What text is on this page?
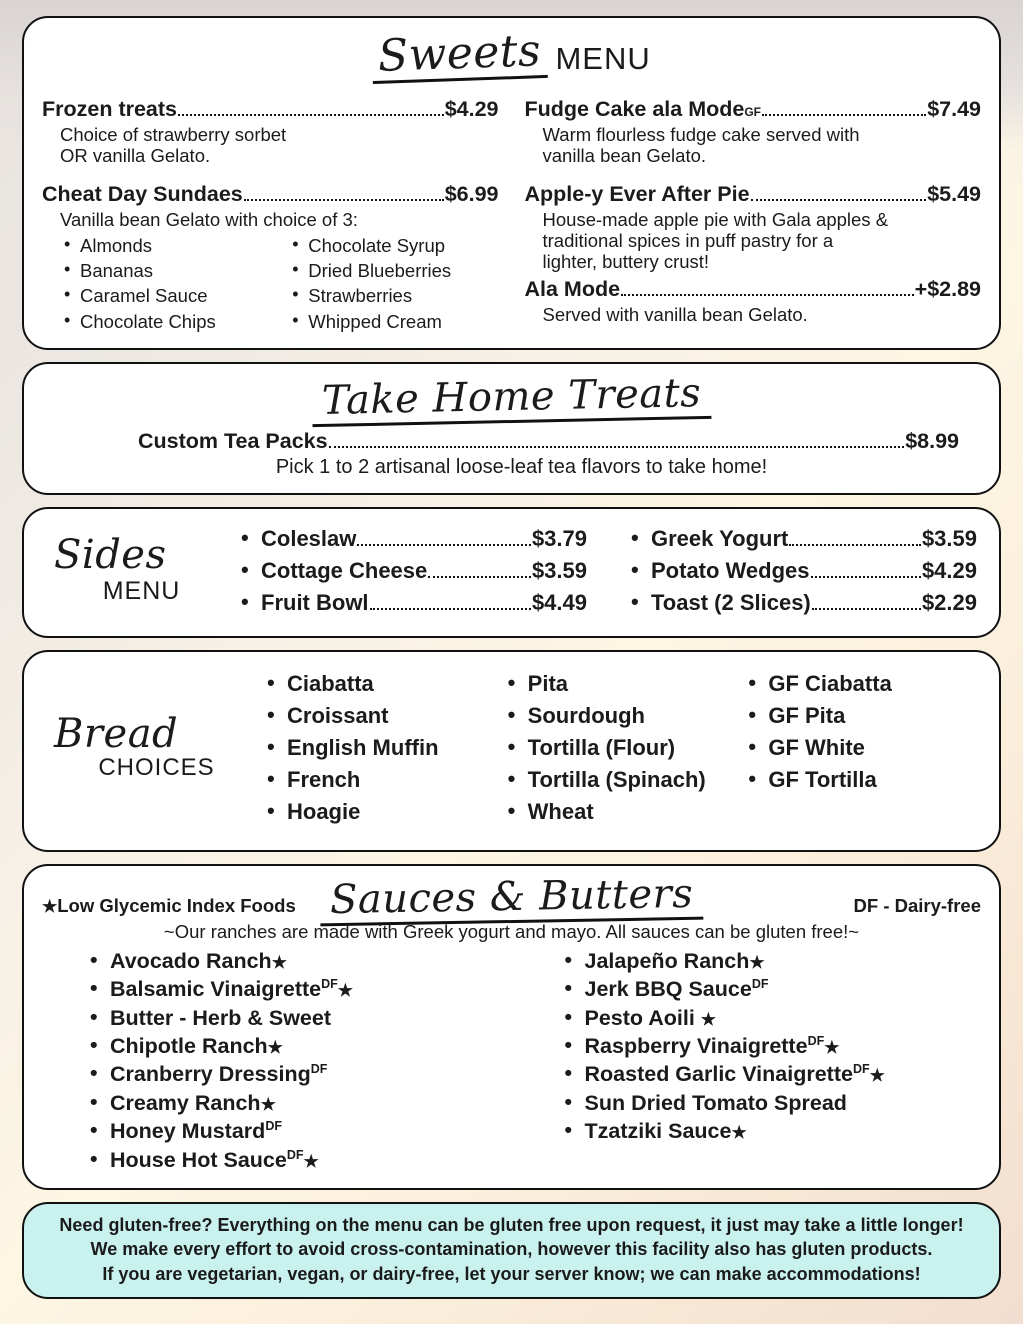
Sweets MENU
Frozen treats	$4.29
Choice of strawberry sorbet
OR vanilla Gelato.
Cheat Day Sundaes	$6.99
Vanilla bean Gelato with choice of 3:
• Almonds
• Bananas
• Caramel Sauce
• Chocolate Chips
• Chocolate Syrup
• Dried Blueberries
• Strawberries
• Whipped Cream
Fudge Cake ala Mode GF	$7.49
Warm flourless fudge cake served with
vanilla bean Gelato.
Apple-y Ever After Pie	$5.49
House-made apple pie with Gala apples &
traditional spices in puff pastry for a
lighter, buttery crust!
Ala Mode	+$2.89
Served with vanilla bean Gelato.
Take Home Treats
Custom Tea Packs	$8.99
Pick 1 to 2 artisanal loose-leaf tea flavors to take home!
Sides
MENU
• Coleslaw	$3.79
• Cottage Cheese	$3.59
• Fruit Bowl	$4.49
• Greek Yogurt	$3.59
• Potato Wedges	$4.29
• Toast (2 Slices)	$2.29
Bread
CHOICES
• Ciabatta
• Croissant
• English Muffin
• French
• Hoagie
• Pita
• Sourdough
• Tortilla (Flour)
• Tortilla (Spinach)
• Wheat
• GF Ciabatta
• GF Pita
• GF White
• GF Tortilla
Sauces & Butters
★Low Glycemic Index Foods	DF - Dairy-free
~Our ranches are made with Greek yogurt and mayo. All sauces can be gluten free!~
• Avocado Ranch★
• Balsamic Vinaigrette$^{DF}$★
• Butter - Herb & Sweet
• Chipotle Ranch★
• Cranberry Dressing$^{DF}$
• Creamy Ranch★
• Honey Mustard$^{DF}$
• House Hot Sauce$^{DF}$★
• Jalapeño Ranch★
• Jerk BBQ Sauce$^{DF}$
• Pesto Aoili ★
• Raspberry Vinaigrette$^{DF}$★
• Roasted Garlic Vinaigrette$^{DF}$★
• Sun Dried Tomato Spread
• Tzatziki Sauce★
Need gluten-free? Everything on the menu can be gluten free upon request, it just may take a little longer!
We make every effort to avoid cross-contamination, however this facility also has gluten products.
If you are vegetarian, vegan, or dairy-free, let your server know; we can make accommodations!
